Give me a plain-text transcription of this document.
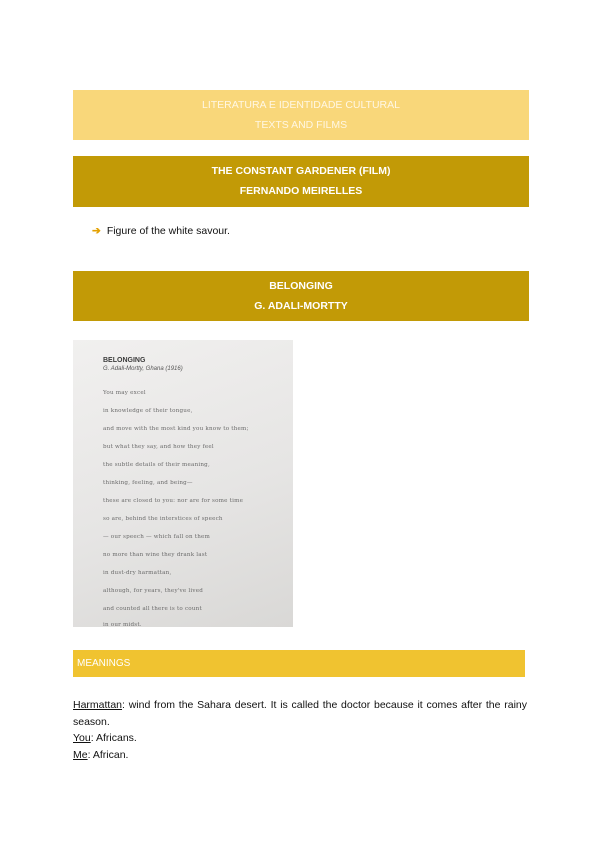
LITERATURA E IDENTIDADE CULTURAL
TEXTS AND FILMS
THE CONSTANT GARDENER (FILM)
FERNANDO MEIRELLES
➔ Figure of the white savour.
BELONGING
G. ADALI-MORTTY
BELONGING
G. Adali-Mortty, Ghana (1916)
You may excel
in knowledge of their tongue,
and move with the most kind you know to them;
but what they say, and how they feel
the subtle details of their meaning,
thinking, feeling, and being—
these are closed to you: nor are for some time
so are, behind the interstices of speech
— our speech — which fall on them
no more than wine they drank last
in dust-dry harmattan,
although, for years, they've lived
and counted all there is to count
in our midst.
MEANINGS

Harmattan: wind from the Sahara desert. It is called the doctor because it comes after the rainy season.

You: Africans.

Me: African.
